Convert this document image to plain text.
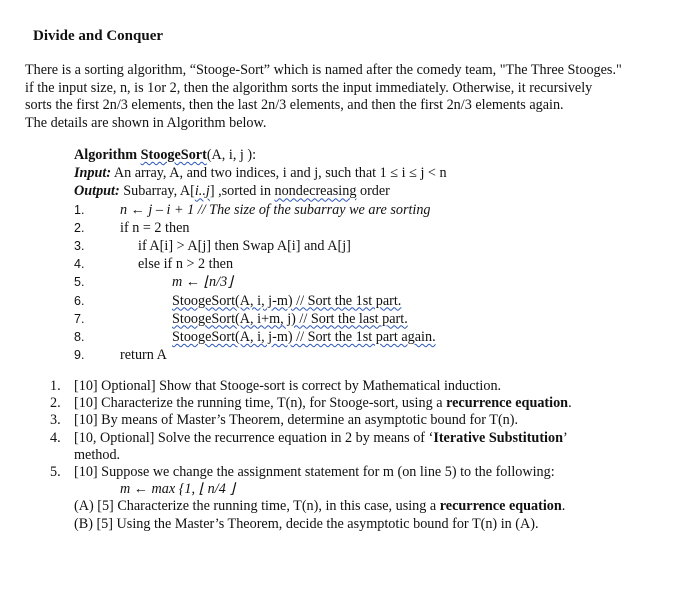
Divide and Conquer
There is a sorting algorithm, “Stooge-Sort” which is named after the comedy team, "The Three Stooges."
if the input size, n, is 1or 2, then the algorithm sorts the input immediately. Otherwise, it recursively
sorts the first 2n/3 elements, then the last 2n/3 elements, and then the first 2n/3 elements again.
The details are shown in Algorithm below.
Algorithm StoogeSort(A, i, j ):
Input: An array, A, and two indices, i and j, such that 1 ≤ i ≤ j < n
Output: Subarray, A[i..j] ,sorted in nondecreasing order
1.	n ← j – i + 1 // The size of the subarray we are sorting
2.	if n = 2 then
3.	if A[i] > A[j] then Swap A[i] and A[j]
4.	else if n > 2 then
5.	m ← ⌊n/3⌋
6.	StoogeSort(A, i, j-m) // Sort the 1st part.
7.	StoogeSort(A, i+m, j) // Sort the last part.
8.	StoogeSort(A, i, j-m) // Sort the 1st part again.
9.	return A
1. [10] Optional] Show that Stooge-sort is correct by Mathematical induction.
2. [10] Characterize the running time, T(n), for Stooge-sort, using a recurrence equation.
3. [10] By means of Master’s Theorem, determine an asymptotic bound for T(n).
4. [10, Optional] Solve the recurrence equation in 2 by means of ‘Iterative Substitution’
method.
5. [10] Suppose we change the assignment statement for m (on line 5) to the following:
m ← max {1, ⌊ n/4 ⌋
(A) [5] Characterize the running time, T(n), in this case, using a recurrence equation.
(B) [5] Using the Master’s Theorem, decide the asymptotic bound for T(n) in (A).
